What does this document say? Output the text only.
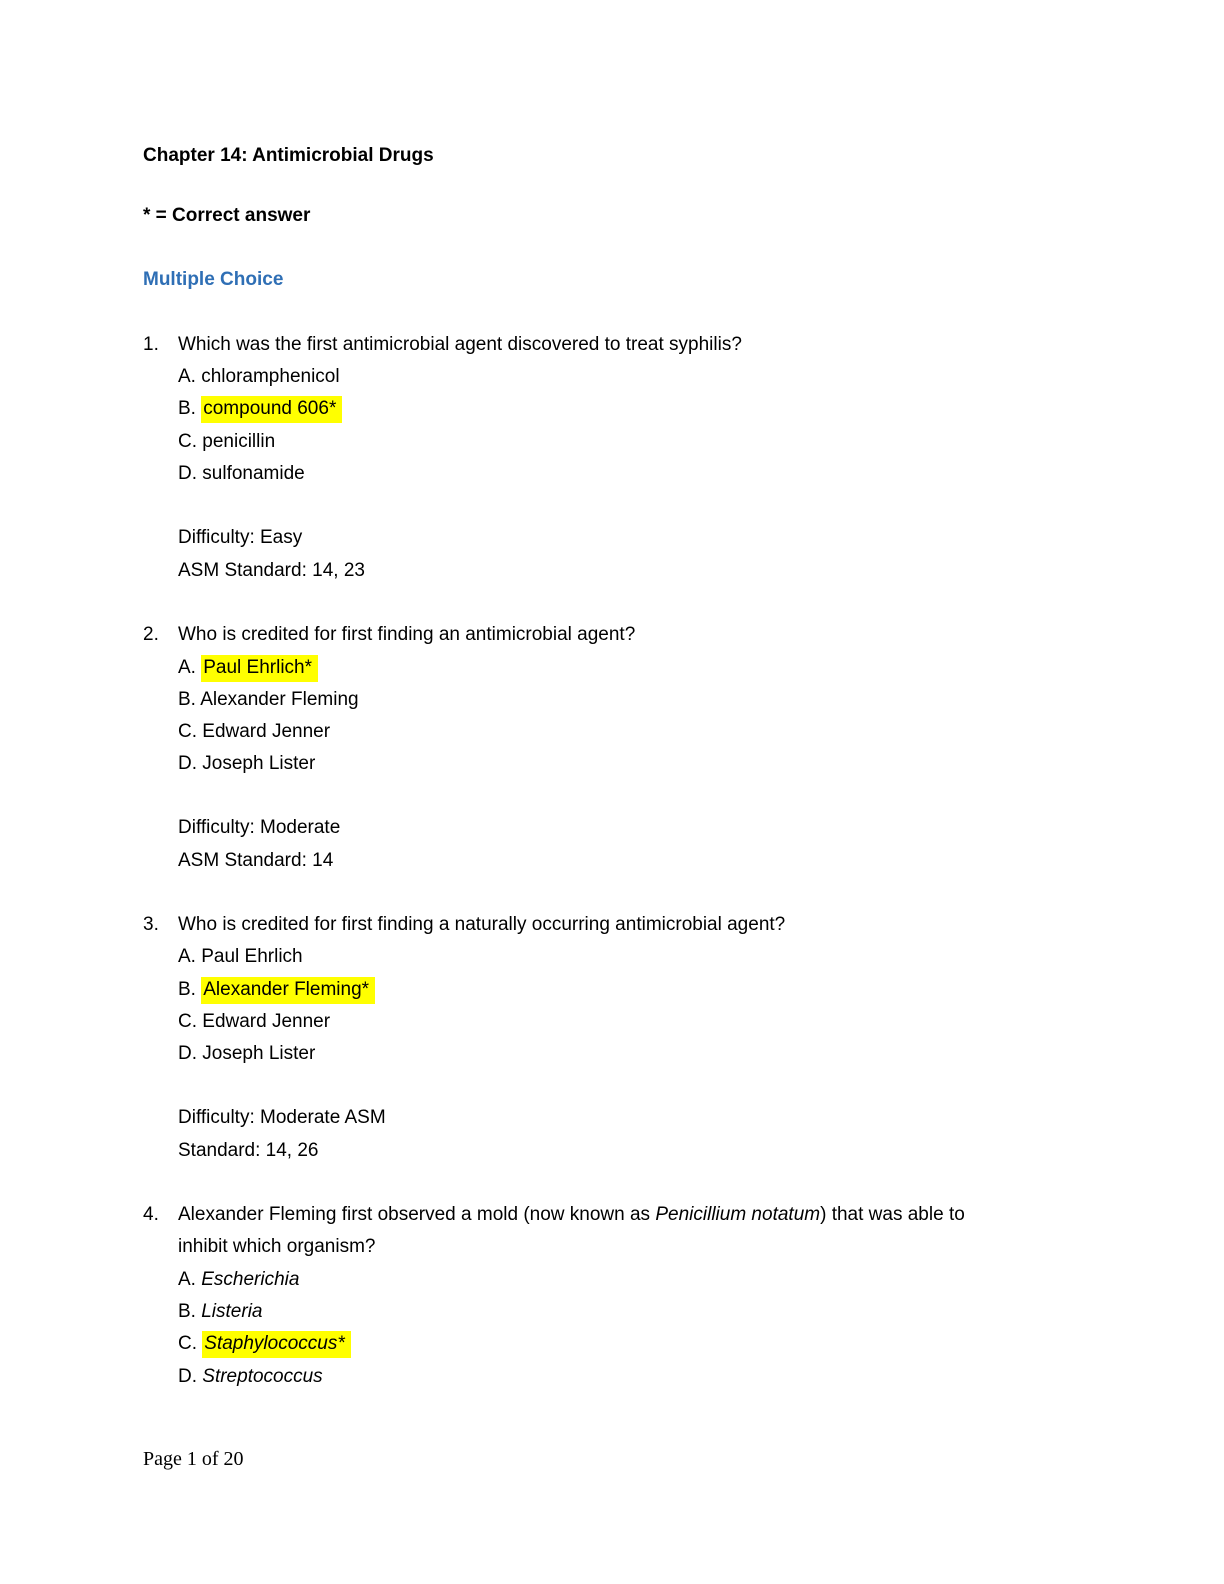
Chapter 14: Antimicrobial Drugs
* = Correct answer
Multiple Choice
1. Which was the first antimicrobial agent discovered to treat syphilis?
A. chloramphenicol
B. compound 606*
C. penicillin
D. sulfonamide
Difficulty: Easy
ASM Standard: 14, 23
2. Who is credited for first finding an antimicrobial agent?
A. Paul Ehrlich*
B. Alexander Fleming
C. Edward Jenner
D. Joseph Lister
Difficulty: Moderate
ASM Standard: 14
3. Who is credited for first finding a naturally occurring antimicrobial agent?
A. Paul Ehrlich
B. Alexander Fleming*
C. Edward Jenner
D. Joseph Lister
Difficulty: Moderate ASM
Standard: 14, 26
4. Alexander Fleming first observed a mold (now known as Penicillium notatum) that was able to
inhibit which organism?
A. Escherichia
B. Listeria
C. Staphylococcus*
D. Streptococcus
Page 1 of 20
